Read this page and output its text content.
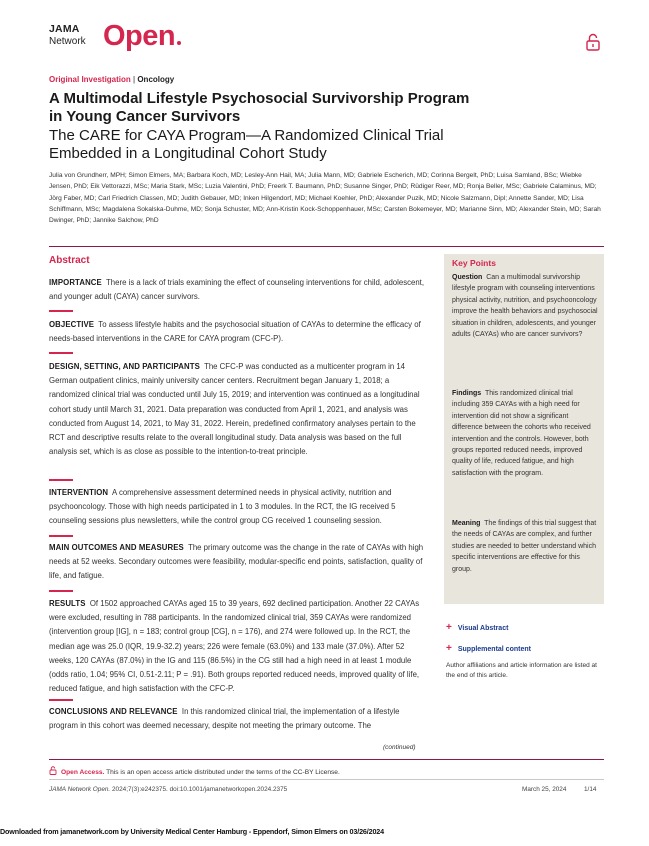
JAMA
Network Open
Original Investigation | Oncology
A Multimodal Lifestyle Psychosocial Survivorship Program in Young Cancer Survivors
The CARE for CAYA Program—A Randomized Clinical Trial Embedded in a Longitudinal Cohort Study
Julia von Grundherr, MPH; Simon Elmers, MA; Barbara Koch, MD; Lesley-Ann Hail, MA; Julia Mann, MD; Gabriele Escherich, MD; Corinna Bergelt, PhD; Luisa Samland, BSc; Wiebke Jensen, PhD; Eik Vettorazzi, MSc; Maria Stark, MSc; Luzia Valentini, PhD; Freerk T. Baumann, PhD; Susanne Singer, PhD; Rüdiger Reer, MD; Ronja Beller, MSc; Gabriele Calaminus, MD; Jörg Faber, MD; Carl Friedrich Classen, MD; Judith Gebauer, MD; Inken Hilgendorf, MD; Michael Koehler, PhD; Alexander Puzik, MD; Nicole Salzmann, Dipl; Annette Sander, MD; Lisa Schiffmann, MSc; Magdalena Sokalska-Duhme, MD; Sonja Schuster, MD; Ann-Kristin Kock-Schoppenhauer, MSc; Carsten Bokemeyer, MD; Marianne Sinn, MD; Alexander Stein, MD; Sarah Dwinger, PhD; Jannike Salchow, PhD
Abstract
IMPORTANCE There is a lack of trials examining the effect of counseling interventions for child, adolescent, and younger adult (CAYA) cancer survivors.
OBJECTIVE To assess lifestyle habits and the psychosocial situation of CAYAs to determine the efficacy of needs-based interventions in the CARE for CAYA program (CFC-P).
DESIGN, SETTING, AND PARTICIPANTS The CFC-P was conducted as a multicenter program in 14 German outpatient clinics, mainly university cancer centers. Recruitment began January 1, 2018; a randomized clinical trial was conducted until July 15, 2019; and intervention was continued as a longitudinal cohort study until March 31, 2021. Data preparation was conducted from April 1, 2021, and analysis was conducted from August 14, 2021, to May 31, 2022. Herein, predefined confirmatory analyses pertain to the RCT and descriptive results relate to the overall longitudinal study. Data analysis was based on the full analysis set, which is as close as possible to the intention-to-treat principle.
INTERVENTION A comprehensive assessment determined needs in physical activity, nutrition and psychooncology. Those with high needs participated in 1 to 3 modules. In the RCT, the IG received 5 counseling sessions plus newsletters, while the control group CG received 1 counseling session.
MAIN OUTCOMES AND MEASURES The primary outcome was the change in the rate of CAYAs with high needs at 52 weeks. Secondary outcomes were feasibility, modular-specific end points, satisfaction, quality of life, and fatigue.
RESULTS Of 1502 approached CAYAs aged 15 to 39 years, 692 declined participation. Another 22 CAYAs were excluded, resulting in 788 participants. In the randomized clinical trial, 359 CAYAs were randomized (intervention group [IG], n = 183; control group [CG], n = 176), and 274 were followed up. In the RCT, the median age was 25.0 (IQR, 19.9-32.2) years; 226 were female (63.0%) and 133 male (37.0%). After 52 weeks, 120 CAYAs (87.0%) in the IG and 115 (86.5%) in the CG still had a high need in at least 1 module (odds ratio, 1.04; 95% CI, 0.51-2.11; P = .91). Both groups reported reduced needs, improved quality of life, reduced fatigue, and high satisfaction with the CFC-P.
CONCLUSIONS AND RELEVANCE In this randomized clinical trial, the implementation of a lifestyle program in this cohort was deemed necessary, despite not meeting the primary outcome. The
(continued)
Key Points
Question Can a multimodal survivorship lifestyle program with counseling interventions physical activity, nutrition, and psychooncology improve the health behaviors and psychosocial situation in children, adolescents, and younger adults (CAYAs) who are cancer survivors?
Findings This randomized clinical trial including 359 CAYAs with a high need for intervention did not show a significant difference between the cohorts who received intervention and the controls. However, both groups reported reduced needs, improved quality of life, reduced fatigue, and high satisfaction with the program.
Meaning The findings of this trial suggest that the needs of CAYAs are complex, and further studies are needed to better understand which specific interventions are effective for this group.
+ Visual Abstract
+ Supplemental content
Author affiliations and article information are listed at the end of this article.
Open Access. This is an open access article distributed under the terms of the CC-BY License.
JAMA Network Open. 2024;7(3):e242375. doi:10.1001/jamanetworkopen.2024.2375	March 25, 2024	1/14
Downloaded from jamanetwork.com by University Medical Center Hamburg - Eppendorf, Simon Elmers on 03/26/2024
